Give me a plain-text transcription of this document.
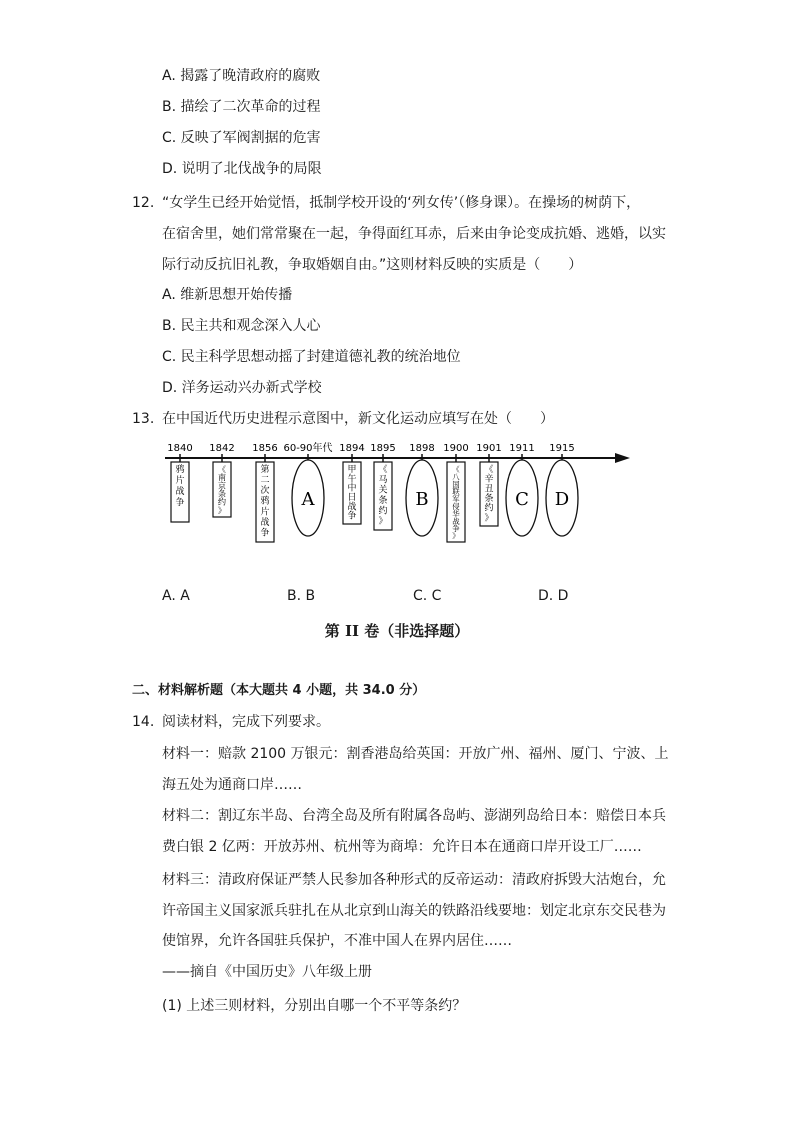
A. 揭露了晚清政府的腐败
B. 描绘了二次革命的过程
C. 反映了军阀割据的危害
D. 说明了北伐战争的局限
12. “女学生已经开始觉悟，抵制学校开设的‘列女传’（修身课）。在操场的树荫下，
在宿舍里，她们常常聚在一起，争得面红耳赤，后来由争论变成抗婚、逃婚，以实
际行动反抗旧礼教，争取婚姻自由。”这则材料反映的实质是（　　）
A. 维新思想开始传播
B. 民主共和观念深入人心
C. 民主科学思想动摇了封建道德礼教的统治地位
D. 洋务运动兴办新式学校
13. 在中国近代历史进程示意图中，新文化运动应填写在处（　　）
1840 1842 1856 60-90年代 1894 1895 1898 1900 1901 1911 1915
鸦
片
战
争
《
南
京
条
约
》
第
二
次
鸦
片
战
争
甲
午
中
日
战
争
《
马
关
条
约
》
《
八
国
联
军
侵
华
战
争
》
《
辛
丑
条
约
》
A	B	C D
A. A	B. B	C. C	D. D
第 II 卷（非选择题）
二、材料解析题（本大题共 4 小题，共 34.0 分）
14. 阅读材料，完成下列要求。
材料一：赔款 2100 万银元：割香港岛给英国：开放广州、福州、厦门、宁波、上
海五处为通商口岸……
材料二：割辽东半岛、台湾全岛及所有附属各岛屿、澎湖列岛给日本：赔偿日本兵
费白银 2 亿两：开放苏州、杭州等为商埠：允许日本在通商口岸开设工厂……
材料三：清政府保证严禁人民参加各种形式的反帝运动：清政府拆毁大沽炮台，允
许帝国主义国家派兵驻扎在从北京到山海关的铁路沿线要地：划定北京东交民巷为
使馆界，允许各国驻兵保护，不准中国人在界内居住……
——摘自《中国历史》八年级上册
(1) 上述三则材料，分别出自哪一个不平等条约？
